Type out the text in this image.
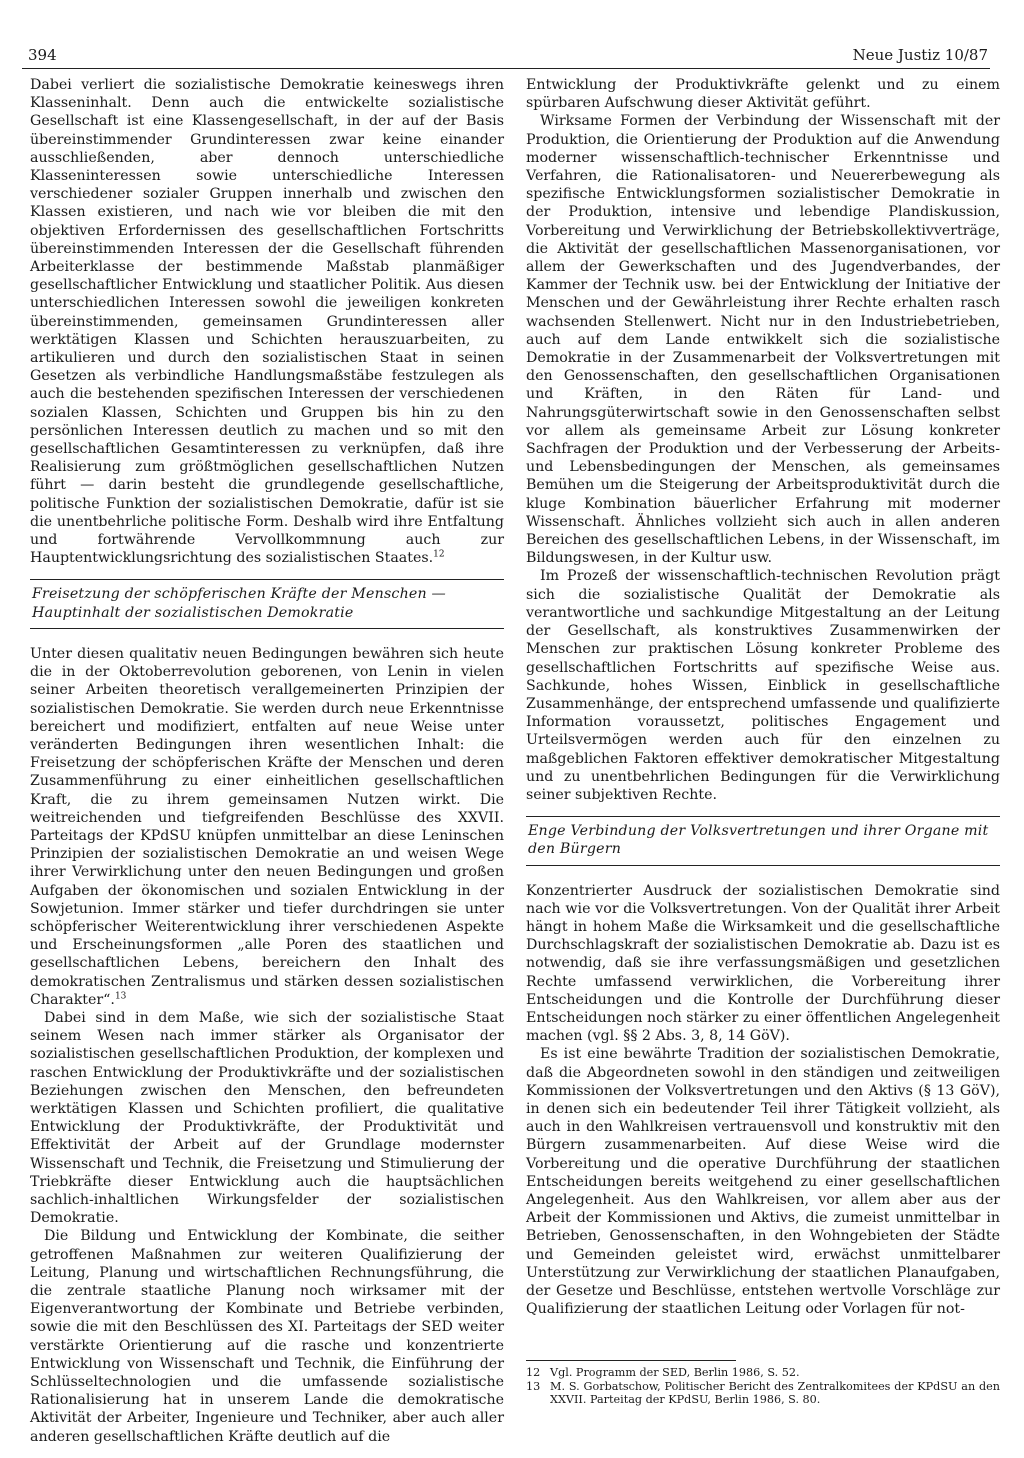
394	Neue Justiz 10/87

Dabei verliert die sozialistische Demokratie keineswegs ihren Klasseninhalt. Denn auch die entwickelte sozialistische Gesellschaft ist eine Klassengesellschaft, in der auf der Basis übereinstimmender Grundinteressen zwar keine einander ausschließenden, aber dennoch unterschiedliche Klasseninteressen sowie unterschiedliche Interessen verschiedener sozialer Gruppen innerhalb und zwischen den Klassen existieren, und nach wie vor bleiben die mit den objektiven Erfordernissen des gesellschaftlichen Fortschritts übereinstimmenden Interessen der die Gesellschaft führenden Arbeiterklasse der bestimmende Maßstab planmäßiger gesellschaftlicher Entwicklung und staatlicher Politik. Aus diesen unterschiedlichen Interessen sowohl die jeweiligen konkreten übereinstimmenden, gemeinsamen Grundinteressen aller werktätigen Klassen und Schichten herauszuarbeiten, zu artikulieren und durch den sozialistischen Staat in seinen Gesetzen als verbindliche Handlungsmaßstäbe festzulegen als auch die bestehenden spezifischen Interessen der verschiedenen sozialen Klassen, Schichten und Gruppen bis hin zu den persönlichen Interessen deutlich zu machen und so mit den gesellschaftlichen Gesamtinteressen zu verknüpfen, daß ihre Realisierung zum größtmöglichen gesellschaftlichen Nutzen führt — darin besteht die grundlegende gesellschaftliche, politische Funktion der sozialistischen Demokratie, dafür ist sie die unentbehrliche politische Form. Deshalb wird ihre Entfaltung und fortwährende Vervollkommnung auch zur Hauptentwicklungsrichtung des sozialistischen Staates.$^{12}$

Freisetzung der schöpferischen Kräfte der Menschen — Hauptinhalt der sozialistischen Demokratie

Unter diesen qualitativ neuen Bedingungen bewähren sich heute die in der Oktoberrevolution geborenen, von Lenin in vielen seiner Arbeiten theoretisch verallgemeinerten Prinzipien der sozialistischen Demokratie. Sie werden durch neue Erkenntnisse bereichert und modifiziert, entfalten auf neue Weise unter veränderten Bedingungen ihren wesentlichen Inhalt: die Freisetzung der schöpferischen Kräfte der Menschen und deren Zusammenführung zu einer einheitlichen gesellschaftlichen Kraft, die zu ihrem gemeinsamen Nutzen wirkt. Die weitreichenden und tiefgreifenden Beschlüsse des XXVII. Parteitags der KPdSU knüpfen unmittelbar an diese Leninschen Prinzipien der sozialistischen Demokratie an und weisen Wege ihrer Verwirklichung unter den neuen Bedingungen und großen Aufgaben der ökonomischen und sozialen Entwicklung in der Sowjetunion. Immer stärker und tiefer durchdringen sie unter schöpferischer Weiterentwicklung ihrer verschiedenen Aspekte und Erscheinungsformen „alle Poren des staatlichen und gesellschaftlichen Lebens, bereichern den Inhalt des demokratischen Zentralismus und stärken dessen sozialistischen Charakter“.$^{13}$

Dabei sind in dem Maße, wie sich der sozialistische Staat seinem Wesen nach immer stärker als Organisator der sozialistischen gesellschaftlichen Produktion, der komplexen und raschen Entwicklung der Produktivkräfte und der sozialistischen Beziehungen zwischen den Menschen, den befreundeten werktätigen Klassen und Schichten profiliert, die qualitative Entwicklung der Produktivkräfte, der Produktivität und Effektivität der Arbeit auf der Grundlage modernster Wissenschaft und Technik, die Freisetzung und Stimulierung der Triebkräfte dieser Entwicklung auch die hauptsächlichen sachlich-inhaltlichen Wirkungsfelder der sozialistischen Demokratie.

Die Bildung und Entwicklung der Kombinate, die seither getroffenen Maßnahmen zur weiteren Qualifizierung der Leitung, Planung und wirtschaftlichen Rechnungsführung, die die zentrale staatliche Planung noch wirksamer mit der Eigenverantwortung der Kombinate und Betriebe verbinden, sowie die mit den Beschlüssen des XI. Parteitags der SED weiter verstärkte Orientierung auf die rasche und konzentrierte Entwicklung von Wissenschaft und Technik, die Einführung der Schlüsseltechnologien und die umfassende sozialistische Rationalisierung hat in unserem Lande die demokratische Aktivität der Arbeiter, Ingenieure und Techniker, aber auch aller anderen gesellschaftlichen Kräfte deutlich auf die

Entwicklung der Produktivkräfte gelenkt und zu einem spürbaren Aufschwung dieser Aktivität geführt.

Wirksame Formen der Verbindung der Wissenschaft mit der Produktion, die Orientierung der Produktion auf die Anwendung moderner wissenschaftlich-technischer Erkenntnisse und Verfahren, die Rationalisatoren- und Neuererbewegung als spezifische Entwicklungsformen sozialistischer Demokratie in der Produktion, intensive und lebendige Plandiskussion, Vorbereitung und Verwirklichung der Betriebskollektivverträge, die Aktivität der gesellschaftlichen Massenorganisationen, vor allem der Gewerkschaften und des Jugendverbandes, der Kammer der Technik usw. bei der Entwicklung der Initiative der Menschen und der Gewährleistung ihrer Rechte erhalten rasch wachsenden Stellenwert. Nicht nur in den Industriebetrieben, auch auf dem Lande entwikkelt sich die sozialistische Demokratie in der Zusammenarbeit der Volksvertretungen mit den Genossenschaften, den gesellschaftlichen Organisationen und Kräften, in den Räten für Land- und Nahrungsgüterwirtschaft sowie in den Genossenschaften selbst vor allem als gemeinsame Arbeit zur Lösung konkreter Sachfragen der Produktion und der Verbesserung der Arbeits- und Lebensbedingungen der Menschen, als gemeinsames Bemühen um die Steigerung der Arbeitsproduktivität durch die kluge Kombination bäuerlicher Erfahrung mit moderner Wissenschaft. Ähnliches vollzieht sich auch in allen anderen Bereichen des gesellschaftlichen Lebens, in der Wissenschaft, im Bildungswesen, in der Kultur usw.

Im Prozeß der wissenschaftlich-technischen Revolution prägt sich die sozialistische Qualität der Demokratie als verantwortliche und sachkundige Mitgestaltung an der Leitung der Gesellschaft, als konstruktives Zusammenwirken der Menschen zur praktischen Lösung konkreter Probleme des gesellschaftlichen Fortschritts auf spezifische Weise aus. Sachkunde, hohes Wissen, Einblick in gesellschaftliche Zusammenhänge, der entsprechend umfassende und qualifizierte Information voraussetzt, politisches Engagement und Urteilsvermögen werden auch für den einzelnen zu maßgeblichen Faktoren effektiver demokratischer Mitgestaltung und zu unentbehrlichen Bedingungen für die Verwirklichung seiner subjektiven Rechte.

Enge Verbindung der Volksvertretungen und ihrer Organe mit den Bürgern

Konzentrierter Ausdruck der sozialistischen Demokratie sind nach wie vor die Volksvertretungen. Von der Qualität ihrer Arbeit hängt in hohem Maße die Wirksamkeit und die gesellschaftliche Durchschlagskraft der sozialistischen Demokratie ab. Dazu ist es notwendig, daß sie ihre verfassungsmäßigen und gesetzlichen Rechte umfassend verwirklichen, die Vorbereitung ihrer Entscheidungen und die Kontrolle der Durchführung dieser Entscheidungen noch stärker zu einer öffentlichen Angelegenheit machen (vgl. §§ 2 Abs. 3, 8, 14 GöV).

Es ist eine bewährte Tradition der sozialistischen Demokratie, daß die Abgeordneten sowohl in den ständigen und zeitweiligen Kommissionen der Volksvertretungen und den Aktivs (§ 13 GöV), in denen sich ein bedeutender Teil ihrer Tätigkeit vollzieht, als auch in den Wahlkreisen vertrauensvoll und konstruktiv mit den Bürgern zusammenarbeiten. Auf diese Weise wird die Vorbereitung und die operative Durchführung der staatlichen Entscheidungen bereits weitgehend zu einer gesellschaftlichen Angelegenheit. Aus den Wahlkreisen, vor allem aber aus der Arbeit der Kommissionen und Aktivs, die zumeist unmittelbar in Betrieben, Genossenschaften, in den Wohngebieten der Städte und Gemeinden geleistet wird, erwächst unmittelbarer Unterstützung zur Verwirklichung der staatlichen Planaufgaben, der Gesetze und Beschlüsse, entstehen wertvolle Vorschläge zur Qualifizierung der staatlichen Leitung oder Vorlagen für not-

12 Vgl. Programm der SED, Berlin 1986, S. 52.
13 M. S. Gorbatschow, Politischer Bericht des Zentralkomitees der KPdSU an den XXVII. Parteitag der KPdSU, Berlin 1986, S. 80.
